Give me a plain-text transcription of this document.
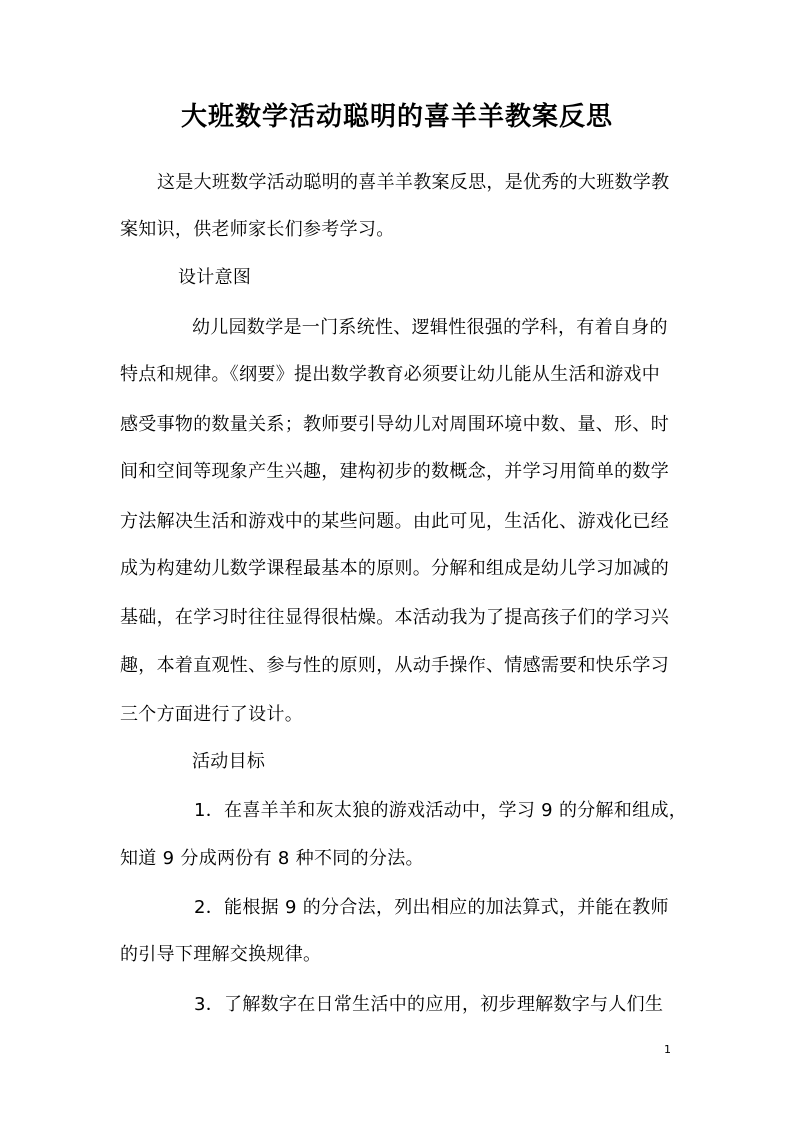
大班数学活动聪明的喜羊羊教案反思
这是大班数学活动聪明的喜羊羊教案反思，是优秀的大班数学教
案知识，供老师家长们参考学习。
设计意图
幼儿园数学是一门系统性、逻辑性很强的学科，有着自身的
特点和规律。《纲要》提出数学教育必须要让幼儿能从生活和游戏中
感受事物的数量关系；教师要引导幼儿对周围环境中数、量、形、时
间和空间等现象产生兴趣，建构初步的数概念，并学习用简单的数学
方法解决生活和游戏中的某些问题。由此可见，生活化、游戏化已经
成为构建幼儿数学课程最基本的原则。分解和组成是幼儿学习加减的
基础，在学习时往往显得很枯燥。本活动我为了提高孩子们的学习兴
趣，本着直观性、参与性的原则，从动手操作、情感需要和快乐学习
三个方面进行了设计。
活动目标
1．在喜羊羊和灰太狼的游戏活动中，学习 9 的分解和组成，
知道 9 分成两份有 8 种不同的分法。
2．能根据 9 的分合法，列出相应的加法算式，并能在教师
的引导下理解交换规律。
3．了解数字在日常生活中的应用，初步理解数字与人们生
1
